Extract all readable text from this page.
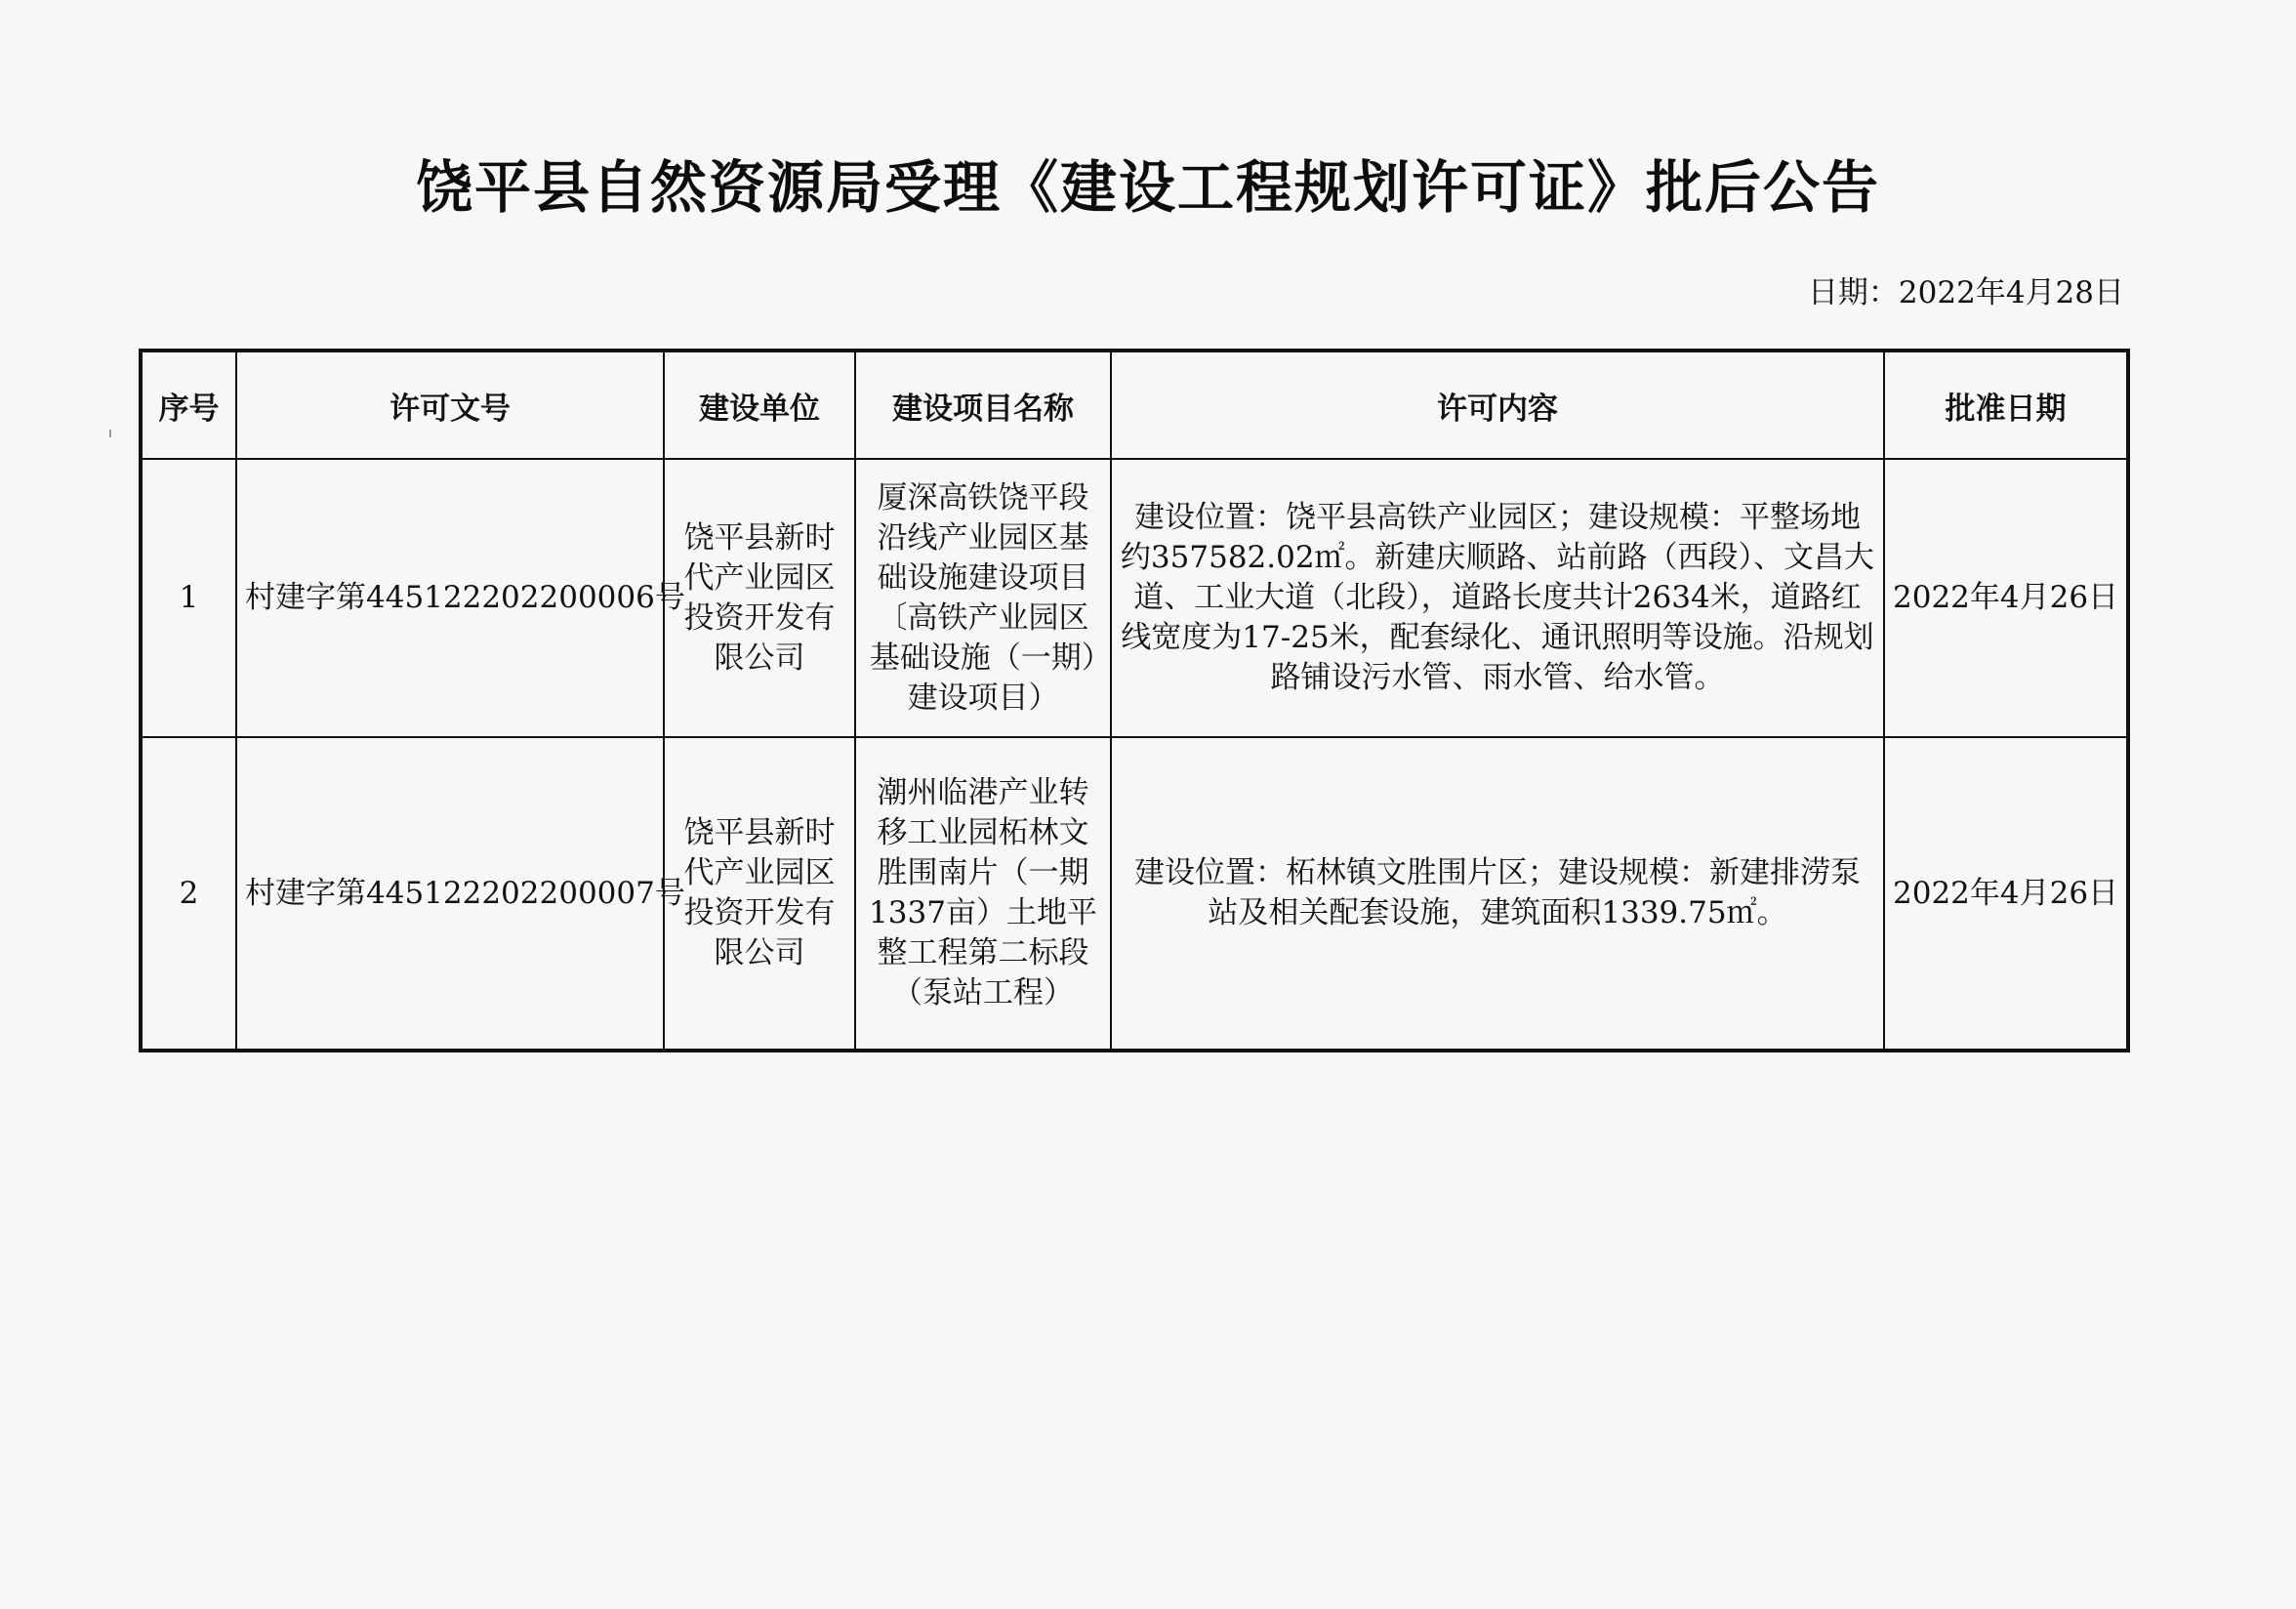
饶平县自然资源局受理《建设工程规划许可证》批后公告
日期：2022年4月28日
序号	许可文号	建设单位	建设项目名称	许可内容	批准日期
1	村建字第445122202200006号	饶平县新时代产业园区投资开发有限公司	厦深高铁饶平段沿线产业园区基础设施建设项目〔高铁产业园区基础设施（一期）建设项目）	建设位置：饶平县高铁产业园区；建设规模：平整场地约357582.02㎡。新建庆顺路、站前路（西段）、文昌大道、工业大道（北段），道路长度共计2634米，道路红线宽度为17-25米，配套绿化、通讯照明等设施。沿规划路铺设污水管、雨水管、给水管。	2022年4月26日
2	村建字第445122202200007号	饶平县新时代产业园区投资开发有限公司	潮州临港产业转移工业园柘林文胜围南片（一期1337亩）土地平整工程第二标段（泵站工程）	建设位置：柘林镇文胜围片区；建设规模：新建排涝泵站及相关配套设施，建筑面积1339.75㎡。	2022年4月26日
